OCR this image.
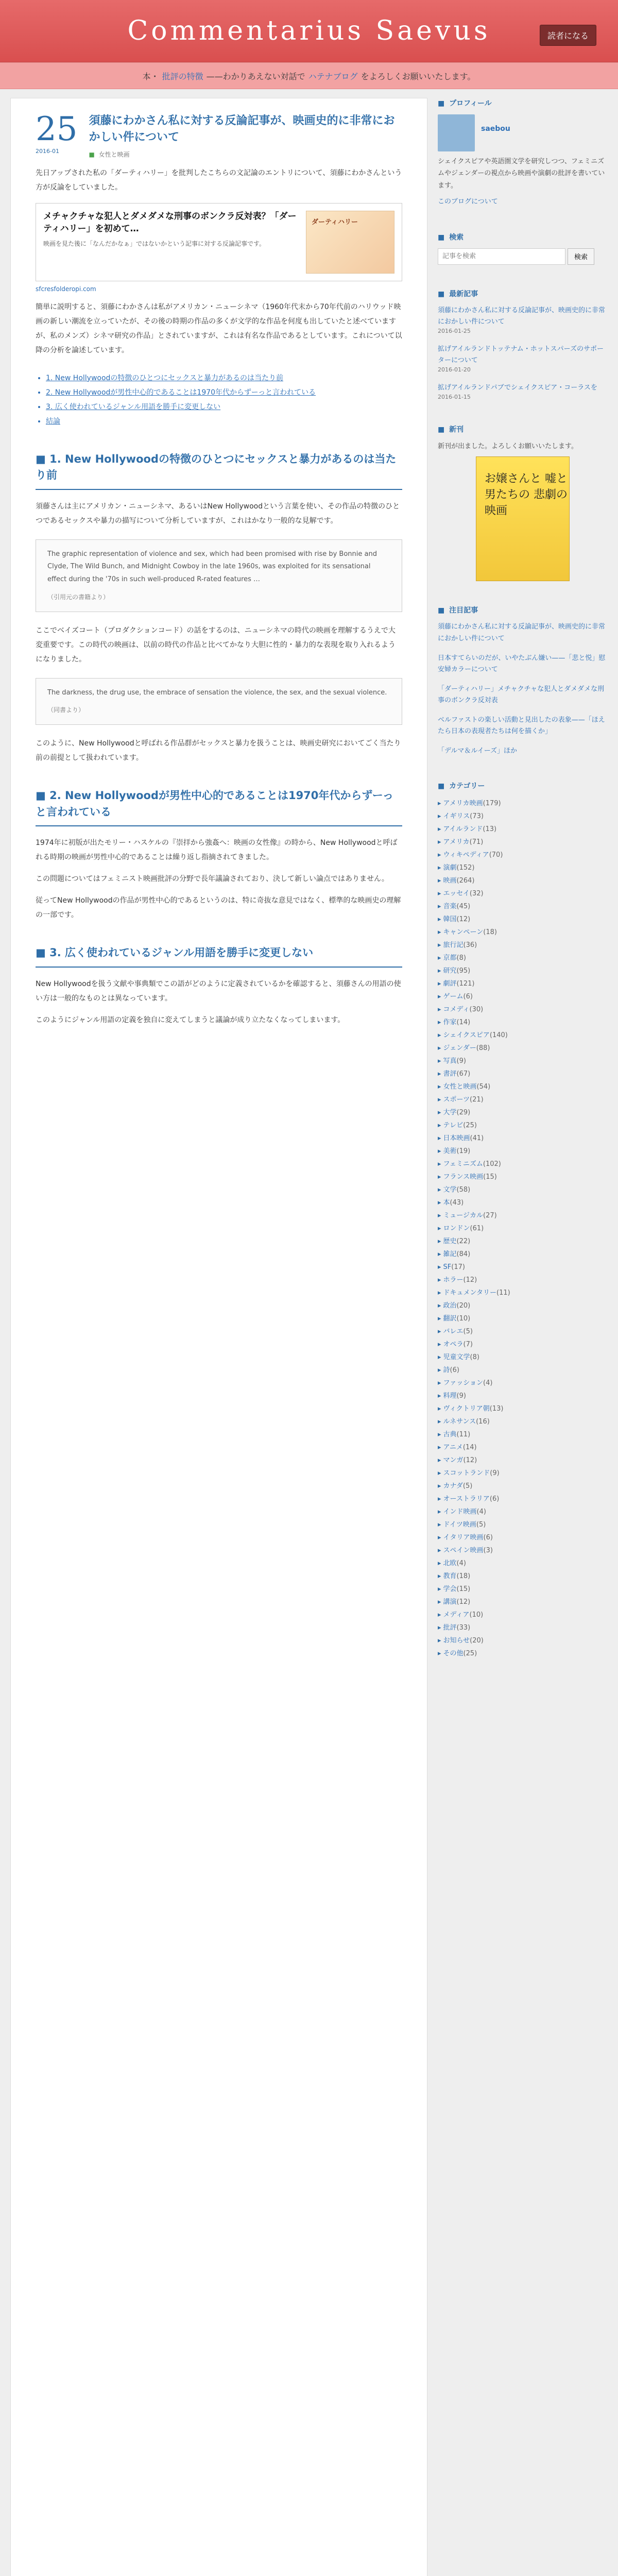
Commentarius Saevus	読者になる
本・ 批評の特徴 ——わかりあえない対話で ハテナブログ をよろしくお願いいたします。
25
2016-01
須藤にわかさん私に対する反論記事が、映画史的に非常におかしい件について
■ 女性と映画

先日アップされた私の「ダーティハリー」を批判したこちらの文記論のエントリについて、須藤にわかさんという方が反論をしていました。

メチャクチャな犯人とダメダメな刑事のボンクラ反対表？「ダーティハリー」を初めて…
映画を見た後に「なんだかなぁ」ではないかという記事に対する反論記事です。
ダーティハリー
sfcresfolderopi.com

簡単に説明すると、須藤にわかさんは私がアメリカン・ニューシネマ（1960年代末から70年代前のハリウッド映画の新しい潮流を立っていたが、その後の時期の作品の多くが文学的な作品を何度も出していたと述べていますが、私のメンズ）シネマ研究の作品」とされていますが、これは有名な作品であるとしています。これについて以降の分析を論述しています。

• 1. New Hollywoodの特徴のひとつにセックスと暴力があるのは当たり前
• 2. New Hollywoodが男性中心的であることは1970年代からずーっと言われている
• 3. 広く使われているジャンル用語を勝手に変更しない
• 結論
■ 1. New Hollywoodの特徴のひとつにセックスと暴力があるのは当たり前

須藤さんは主にアメリカン・ニューシネマ、あるいはNew Hollywoodという言葉を使い、その作品の特徴のひとつであるセックスや暴力の描写について分析していますが、これはかなり一般的な見解です。

The graphic representation of violence and sex, which had been promised with rise by Bonnie and Clyde, The Wild Bunch, and Midnight Cowboy in the late 1960s, was exploited for its sensational effect during the '70s in such well-produced R-rated features …
（引用元の書籍より）

ここでベイズコート（プロダクションコード）の話をするのは、ニューシネマの時代の映画を理解するうえで大変重要です。この時代の映画は、以前の時代の作品と比べてかなり大胆に性的・暴力的な表現を取り入れるようになりました。

The darkness, the drug use, the embrace of sensation the violence, the sex, and the sexual violence.
（同書より）

このように、New Hollywoodと呼ばれる作品群がセックスと暴力を扱うことは、映画史研究においてごく当たり前の前提として扱われています。

■ 2. New Hollywoodが男性中心的であることは1970年代からずーっと言われている

1974年に初版が出たモリー・ハスケルの『崇拝から強姦へ：映画の女性像』の時から、New Hollywoodと呼ばれる時期の映画が男性中心的であることは繰り返し指摘されてきました。

この問題についてはフェミニスト映画批評の分野で長年議論されており、決して新しい論点ではありません。

従ってNew Hollywoodの作品が男性中心的であるというのは、特に奇抜な意見ではなく、標準的な映画史の理解の一部です。

■ 3. 広く使われているジャンル用語を勝手に変更しない

New Hollywoodを扱う文献や事典類でこの語がどのように定義されているかを確認すると、須藤さんの用語の使い方は一般的なものとは異なっています。

このようにジャンル用語の定義を独自に変えてしまうと議論が成り立たなくなってしまいます。

■ プロフィール
saebou
シェイクスピアや英語圏文学を研究しつつ、フェミニズムやジェンダーの視点から映画や演劇の批評を書いています。
このブログについて
■ 検索
記事を検索
検索
■ 最新記事
須藤にわかさん私に対する反論記事が、映画史的に非常におかしい件について
2016-01-25
拡げアイルランドトッテナム・ホットスパーズのサポーターについて
2016-01-20
拡げアイルランドパブでシェイクスピア・コーラスを
2016-01-15
■ 新刊
新刊が出ました。よろしくお願いいたします。
お嬢さんと 嘘と 男たちの 悲劇の 映画
■ 注目記事
須藤にわかさん私に対する反論記事が、映画史的に非常におかしい件について
日本すてらいのだが、いやたぶん嫌い——「悲と悦」慰安婦カラーについて
「ダーティハリー」メチャクチャな犯人とダメダメな刑事のボンクラ反対表
ベルファストの楽しい活動と見出したの表象——「ほえたら日本の表現者たちは何を描くか」
「デルマ＆ルイーズ」ほか
■ カテゴリー
▸ アメリカ映画(179)
▸ イギリス(73)
▸ アイルランド(13)
▸ アメリカ(71)
▸ ウィキペディア(70)
▸ 演劇(152)
▸ 映画(264)
▸ エッセイ(32)
▸ 音楽(45)
▸ 韓国(12)
▸ キャンペーン(18)
▸ 旅行記(36)
▸ 京都(8)
▸ 研究(95)
▸ 劇評(121)
▸ ゲーム(6)
▸ コメディ(30)
▸ 作家(14)
▸ シェイクスピア(140)
▸ ジェンダー(88)
▸ 写真(9)
▸ 書評(67)
▸ 女性と映画(54)
▸ スポーツ(21)
▸ 大学(29)
▸ テレビ(25)
▸ 日本映画(41)
▸ 美術(19)
▸ フェミニズム(102)
▸ フランス映画(15)
▸ 文学(58)
▸ 本(43)
▸ ミュージカル(27)
▸ ロンドン(61)
▸ 歴史(22)
▸ 雑記(84)
▸ SF(17)
▸ ホラー(12)
▸ ドキュメンタリー(11)
▸ 政治(20)
▸ 翻訳(10)
▸ バレエ(5)
▸ オペラ(7)
▸ 児童文学(8)
▸ 詩(6)
▸ ファッション(4)
▸ 料理(9)
▸ ヴィクトリア朝(13)
▸ ルネサンス(16)
▸ 古典(11)
▸ アニメ(14)
▸ マンガ(12)
▸ スコットランド(9)
▸ カナダ(5)
▸ オーストラリア(6)
▸ インド映画(4)
▸ ドイツ映画(5)
▸ イタリア映画(6)
▸ スペイン映画(3)
▸ 北欧(4)
▸ 教育(18)
▸ 学会(15)
▸ 講演(12)
▸ メディア(10)
▸ 批評(33)
▸ お知らせ(20)
▸ その他(25)
